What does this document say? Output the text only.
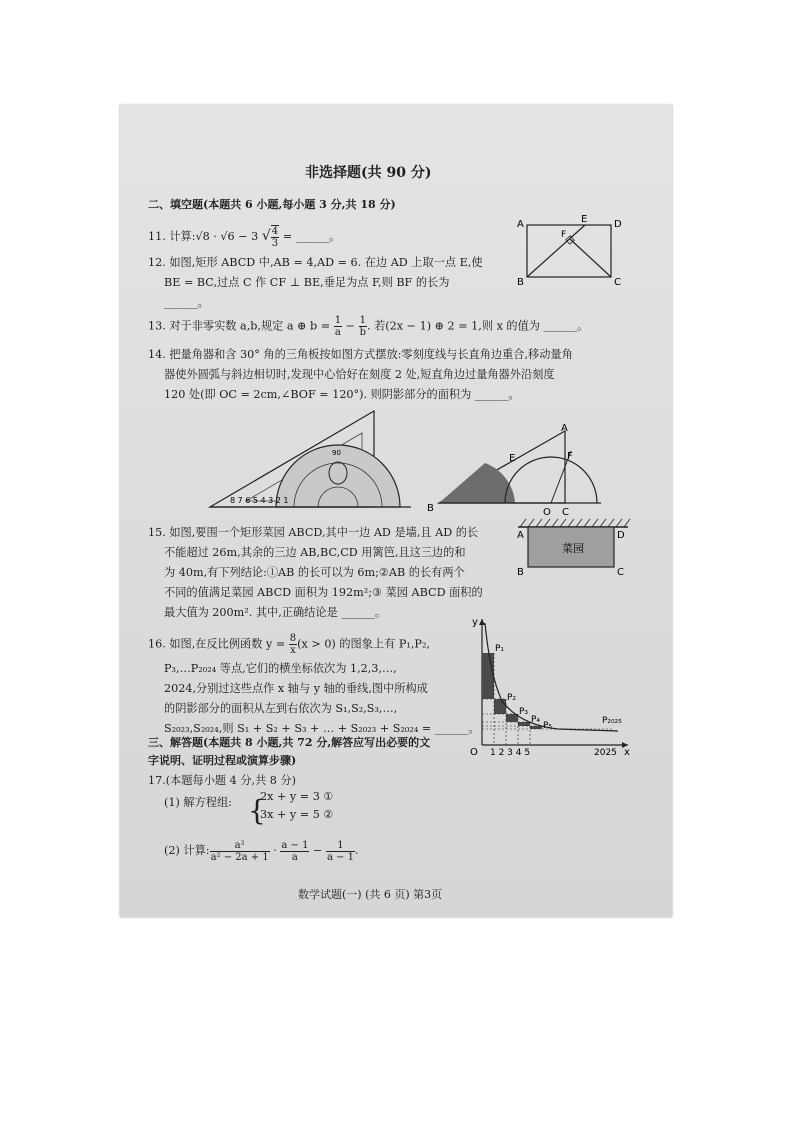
非选择题(共 90 分)
二、填空题(本题共 6 小题,每小题 3 分,共 18 分)
11. 计算:√8 · √6 − 3 √ $\frac{4}{3}$ = ______。
12. 如图,矩形 ABCD 中,AB = 4,AD = 6. 在边 AD 上取一点 E,使
BE = BC,过点 C 作 CF ⊥ BE,垂足为点 F,则 BF 的长为
______。
A	E	D
F
B	C
13. 对于非零实数 a,b,规定 a ⊕ $b = \frac{1}{a} - \frac{1}{b}$ . 若(2x − 1) ⊕ 2 = 1,则 x 的值为 ______。
14. 把量角器和含 30° 角的三角板按如图方式摆放:零刻度线与长直角边重合,移动量角
器使外圆弧与斜边相切时,发现中心恰好在刻度 2 处,短直角边过量角器外沿刻度
120 处(即 OC = 2cm,∠BOF = 120°). 则阴影部分的面积为 ______。
8 7 6 5 4 3 2 1
90
B
A
E	F
O C
15. 如图,要围一个矩形菜园 ABCD,其中一边 AD 是墙,且 AD 的长
不能超过 26m,其余的三边 AB,BC,CD 用篱笆,且这三边的和
为 40m,有下列结论:①AB 的长可以为 6m;②AB 的长有两个
不同的值满足菜园 ABCD 面积为 192m²;③ 菜园 ABCD 面积的
最大值为 200m². 其中,正确结论是 ______。
菜园
A	D
B	C
16. 如图,在反比例函数 $y = \frac{8}{x} (x > 0)$ 的图象上有 P₁,P₂,
P₃,…P₂₀₂₄ 等点,它们的横坐标依次为 1,2,3,…,
2024,分别过这些点作 x 轴与 y 轴的垂线,图中所构成
的阴影部分的面积从左到右依次为 S₁,S₂,S₃,…,
S₂₀₂₃,S₂₀₂₄,则 S₁ + S₂ + S₃ + … + S₂₀₂₃ + S₂₀₂₄ = ______。
y
x
O
P₁
P₂
P₃
P₄
P₅	P₂₀₂₅
1 2 3 4 5	2025
三、解答题(本题共 8 小题,共 72 分,解答应写出必要的文
字说明、证明过程或演算步骤)
17.(本题每小题 4 分,共 8 分)
(1) 解方程组: {
2x + y = 3 ①
3x + y = 5 ②
(2) 计算: $\frac{\text{a²}}{\text{a² − 2a + 1}} \cdot \frac{a - 1}{a} - \frac{1}{a - 1}$ .
数学试题(一) (共 6 页) 第3页
